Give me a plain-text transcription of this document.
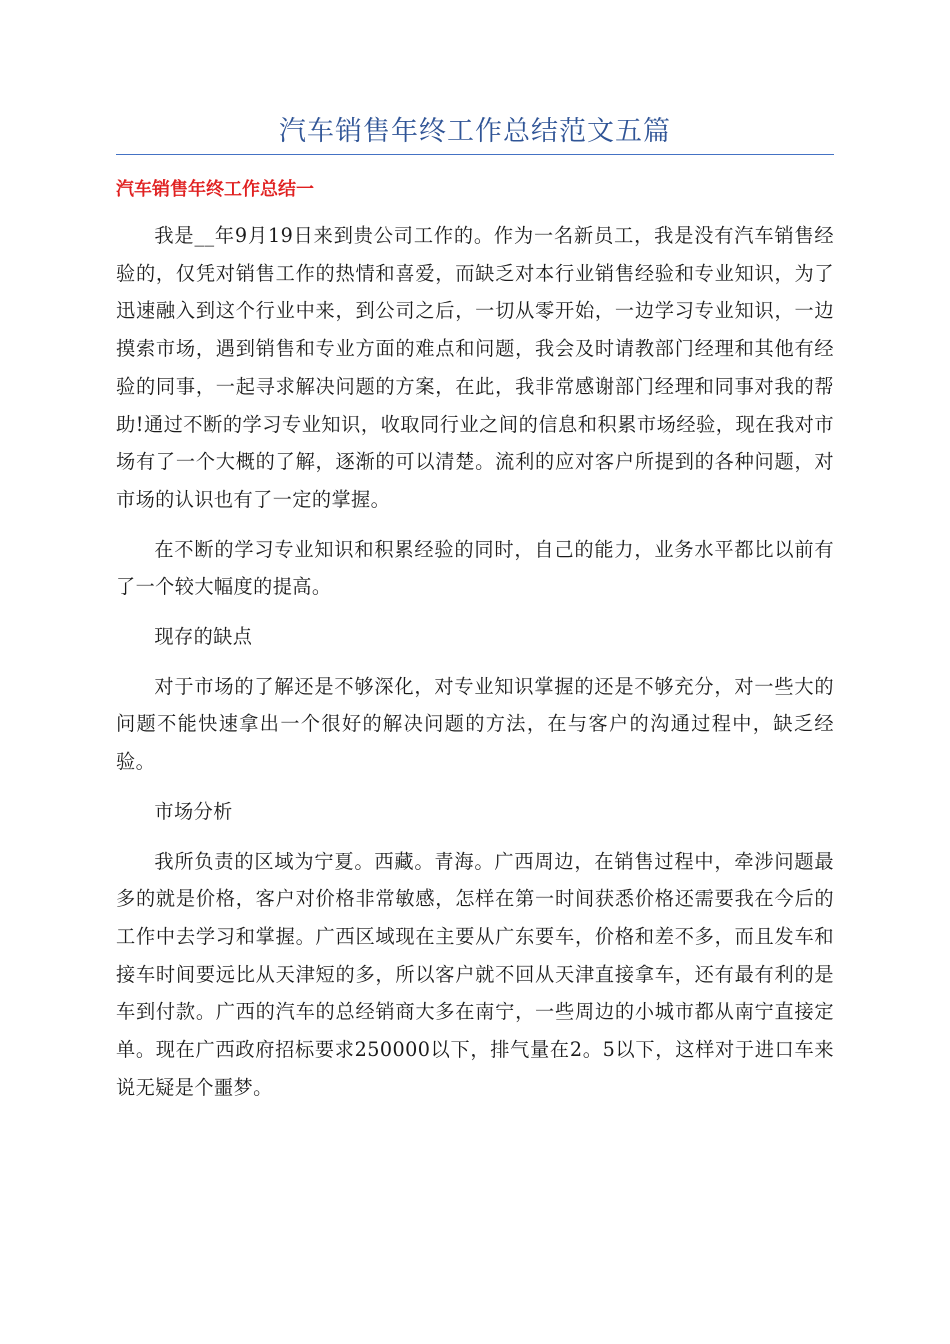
汽车销售年终工作总结范文五篇
汽车销售年终工作总结一

我是__年9月19日来到贵公司工作的。作为一名新员工，我是没有汽车销售经验的，仅凭对销售工作的热情和喜爱，而缺乏对本行业销售经验和专业知识，为了迅速融入到这个行业中来，到公司之后，一切从零开始，一边学习专业知识，一边摸索市场，遇到销售和专业方面的难点和问题，我会及时请教部门经理和其他有经验的同事，一起寻求解决问题的方案，在此，我非常感谢部门经理和同事对我的帮助!通过不断的学习专业知识，收取同行业之间的信息和积累市场经验，现在我对市场有了一个大概的了解，逐渐的可以清楚。流利的应对客户所提到的各种问题，对市场的认识也有了一定的掌握。

在不断的学习专业知识和积累经验的同时，自己的能力，业务水平都比以前有了一个较大幅度的提高。

现存的缺点

对于市场的了解还是不够深化，对专业知识掌握的还是不够充分，对一些大的问题不能快速拿出一个很好的解决问题的方法，在与客户的沟通过程中，缺乏经验。

市场分析

我所负责的区域为宁夏。西藏。青海。广西周边，在销售过程中，牵涉问题最多的就是价格，客户对价格非常敏感，怎样在第一时间获悉价格还需要我在今后的工作中去学习和掌握。广西区域现在主要从广东要车，价格和差不多，而且发车和接车时间要远比从天津短的多，所以客户就不回从天津直接拿车，还有最有利的是车到付款。广西的汽车的总经销商大多在南宁，一些周边的小城市都从南宁直接定单。现在广西政府招标要求250000以下，排气量在2。5以下，这样对于进口车来说无疑是个噩梦。
